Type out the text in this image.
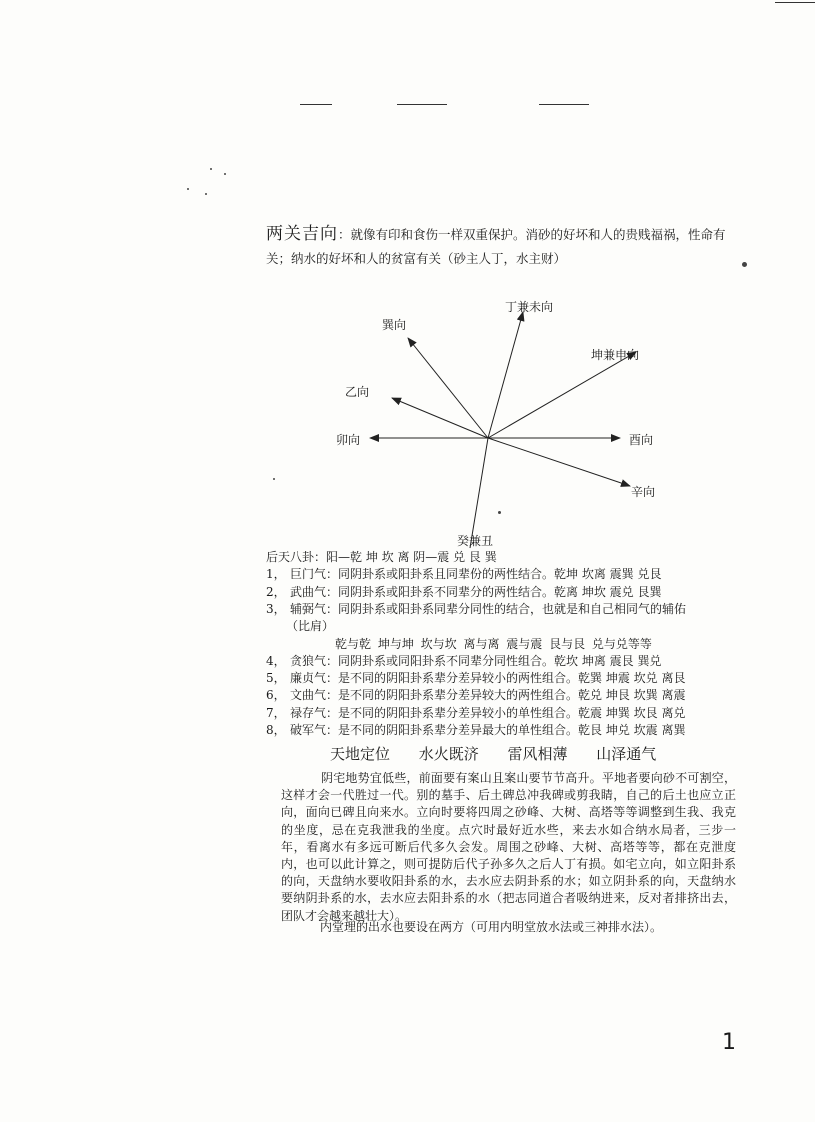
两关吉向：就像有印和食伤一样双重保护。消砂的好坏和人的贵贱福祸，性命有关；纳水的好坏和人的贫富有关（砂主人丁，水主财）
丁兼未向
巽向
坤兼申向
乙向
卯向	酉向
辛向
癸兼丑
后天八卦：阳—乾 坤 坎 离 阴—震 兑 艮 巽
1， 巨门气：同阴卦系或阳卦系且同辈份的两性结合。乾坤 坎离 震巽 兑艮
2， 武曲气：同阴卦系或阳卦系不同辈分的两性结合。乾离 坤坎 震兑 艮巽
3， 辅弼气：同阴卦系或阳卦系同辈分同性的结合，也就是和自己相同气的辅佑
（比肩）
乾与乾 坤与坤 坎与坎 离与离 震与震 艮与艮 兑与兑等等
4， 贪狼气：同阴卦系或同阳卦系不同辈分同性组合。乾坎 坤离 震艮 巽兑
5， 廉贞气：是不同的阴阳卦系辈分差异较小的两性组合。乾巽 坤震 坎兑 离艮
6， 文曲气：是不同的阴阳卦系辈分差异较大的两性组合。乾兑 坤艮 坎巽 离震
7， 禄存气：是不同的阴阳卦系辈分差异较小的单性组合。乾震 坤巽 坎艮 离兑
8， 破军气：是不同的阴阳卦系辈分差异最大的单性组合。乾艮 坤兑 坎震 离巽
天地定位 水火既济 雷风相薄 山泽通气
阴宅地势宜低些，前面要有案山且案山要节节高升。平地者要向砂不可割空，这样才会一代胜过一代。别的墓手、后土碑总冲我碑或剪我睛，自己的后土也应立正向，面向已碑且向来水。立向时要将四周之砂峰、大树、高塔等等调整到生我、我克的坐度，忌在克我泄我的坐度。点穴时最好近水些，来去水如合纳水局者，三步一年，看离水有多远可断后代多久会发。周围之砂峰、大树、高塔等等，都在克泄度内，也可以此计算之，则可提防后代子孙多久之后人丁有损。如宅立向，如立阳卦系的向，天盘纳水要收阳卦系的水，去水应去阴卦系的水；如立阴卦系的向，天盘纳水要纳阴卦系的水，去水应去阳卦系的水（把志同道合者吸纳进来，反对者排挤出去，团队才会越来越壮大）。
内堂理的出水也要设在两方（可用内明堂放水法或三神排水法）。
1
